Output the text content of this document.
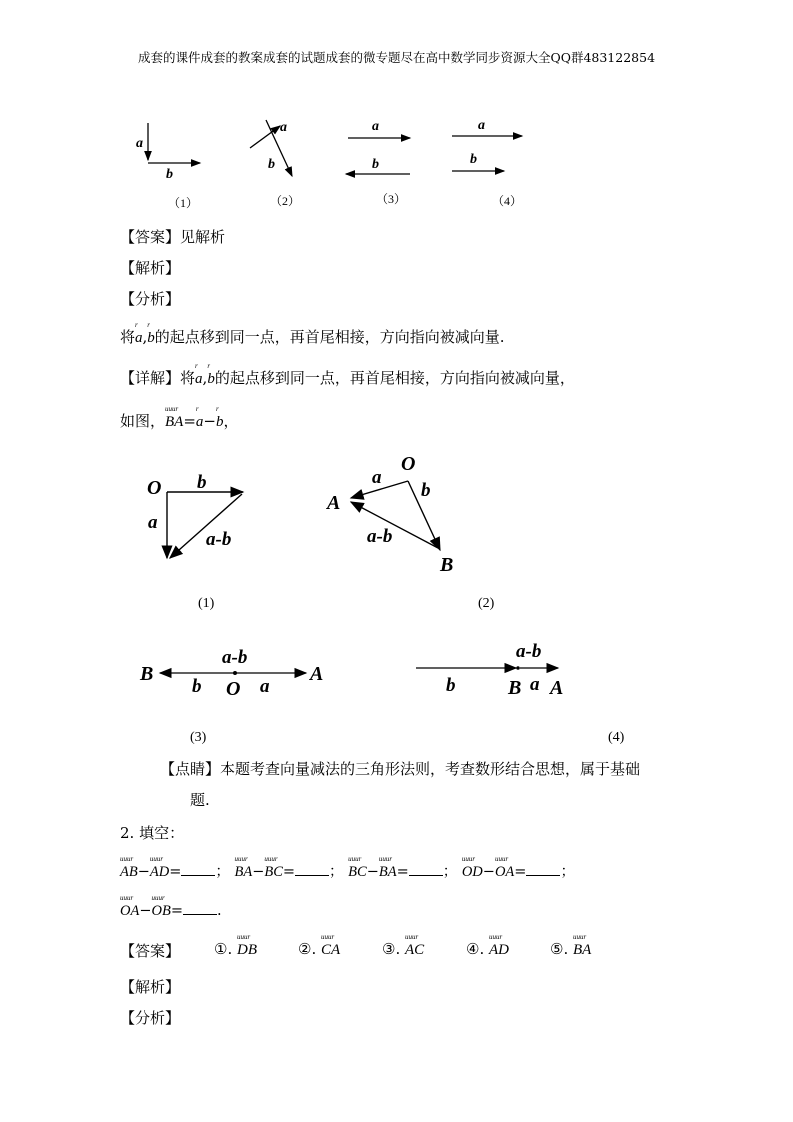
成套的课件成套的教案成套的试题成套的微专题尽在高中数学同步资源大全QQ群483122854
a
b
（1）
a
b
（2）
a
b
（3）
a
b
（4）
【答案】见解析
【解析】
【分析】
将
r
a,
r
b的起点移到同一点，再首尾相接，方向指向被减向量.
【详解】将
r
a,
r
b的起点移到同一点，再首尾相接，方向指向被减向量，
如图，
uuur
BA=
r
a−
r
b，
O b
a
a-b
(1)
O
a
b
A
a-b
B
(2)
B
a-b
b O a
A
(3)
a-b
b	B a A
(4)
【点睛】本题考查向量减法的三角形法则，考查数形结合思想，属于基础
题.
2. 填空：
uuur
AB−
uuur
AD= ；
uuur
BA−
uuur
BC= ；
uuur
BC−
uuur
BA= ；
uuur
OD−
uuur
OA= ；
uuur
OA−
uuur
OB= .
【答案】 ①.
uuur
DB	②.
uuur
CA	③.
uuur
AC	④.
uuur
AD	⑤.
uuur
BA
【解析】
【分析】
